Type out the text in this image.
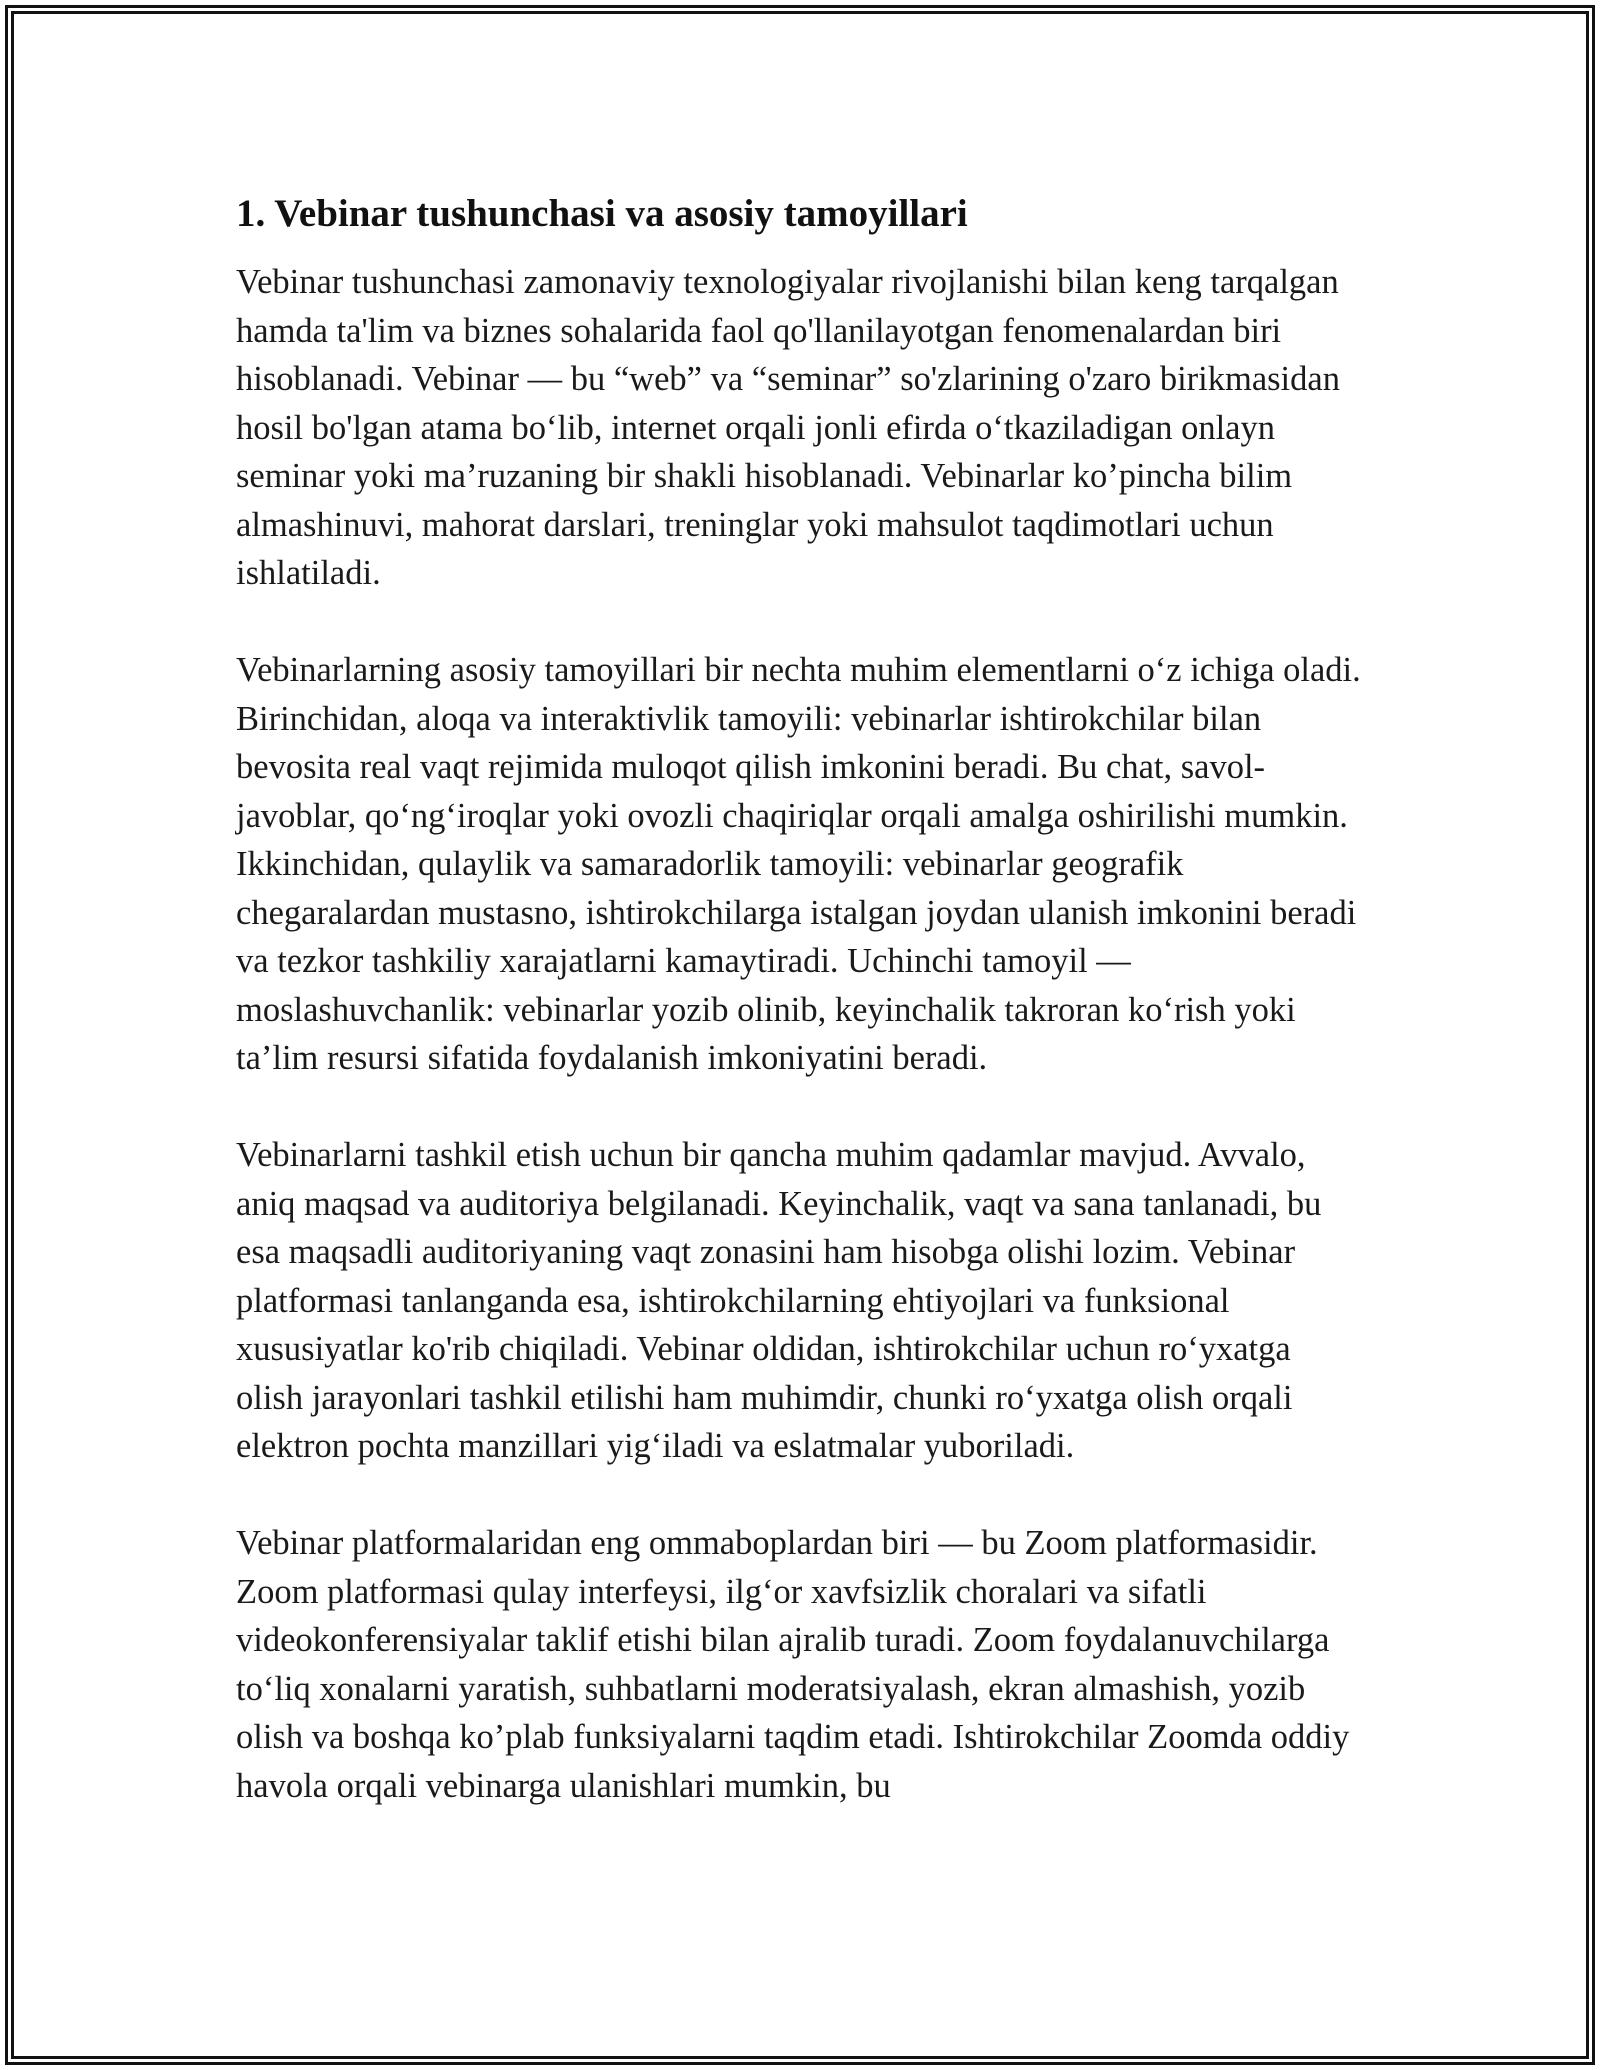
1. Vebinar tushunchasi va asosiy tamoyillari

Vebinar tushunchasi zamonaviy texnologiyalar rivojlanishi bilan keng tarqalgan hamda ta'lim va biznes sohalarida faol qo'llanilayotgan fenomenalardan biri hisoblanadi. Vebinar — bu “web” va “seminar” so'zlarining o'zaro birikmasidan hosil bo'lgan atama bo‘lib, internet orqali jonli efirda o‘tkaziladigan onlayn seminar yoki ma’ruzaning bir shakli hisoblanadi. Vebinarlar ko’pincha bilim almashinuvi, mahorat darslari, treninglar yoki mahsulot taqdimotlari uchun ishlatiladi.

Vebinarlarning asosiy tamoyillari bir nechta muhim elementlarni o‘z ichiga oladi. Birinchidan, aloqa va interaktivlik tamoyili: vebinarlar ishtirokchilar bilan bevosita real vaqt rejimida muloqot qilish imkonini beradi. Bu chat, savol-javoblar, qo‘ng‘iroqlar yoki ovozli chaqiriqlar orqali amalga oshirilishi mumkin. Ikkinchidan, qulaylik va samaradorlik tamoyili: vebinarlar geografik chegaralardan mustasno, ishtirokchilarga istalgan joydan ulanish imkonini beradi va tezkor tashkiliy xarajatlarni kamaytiradi. Uchinchi tamoyil — moslashuvchanlik: vebinarlar yozib olinib, keyinchalik takroran ko‘rish yoki ta’lim resursi sifatida foydalanish imkoniyatini beradi.

Vebinarlarni tashkil etish uchun bir qancha muhim qadamlar mavjud. Avvalo, aniq maqsad va auditoriya belgilanadi. Keyinchalik, vaqt va sana tanlanadi, bu esa maqsadli auditoriyaning vaqt zonasini ham hisobga olishi lozim. Vebinar platformasi tanlanganda esa, ishtirokchilarning ehtiyojlari va funksional xususiyatlar ko'rib chiqiladi. Vebinar oldidan, ishtirokchilar uchun ro‘yxatga olish jarayonlari tashkil etilishi ham muhimdir, chunki ro‘yxatga olish orqali elektron pochta manzillari yig‘iladi va eslatmalar yuboriladi.

Vebinar platformalaridan eng ommaboplardan biri — bu Zoom platformasidir. Zoom platformasi qulay interfeysi, ilg‘or xavfsizlik choralari va sifatli videokonferensiyalar taklif etishi bilan ajralib turadi. Zoom foydalanuvchilarga to‘liq xonalarni yaratish, suhbatlarni moderatsiyalash, ekran almashish, yozib olish va boshqa ko’plab funksiyalarni taqdim etadi. Ishtirokchilar Zoomda oddiy havola orqali vebinarga ulanishlari mumkin, bu
